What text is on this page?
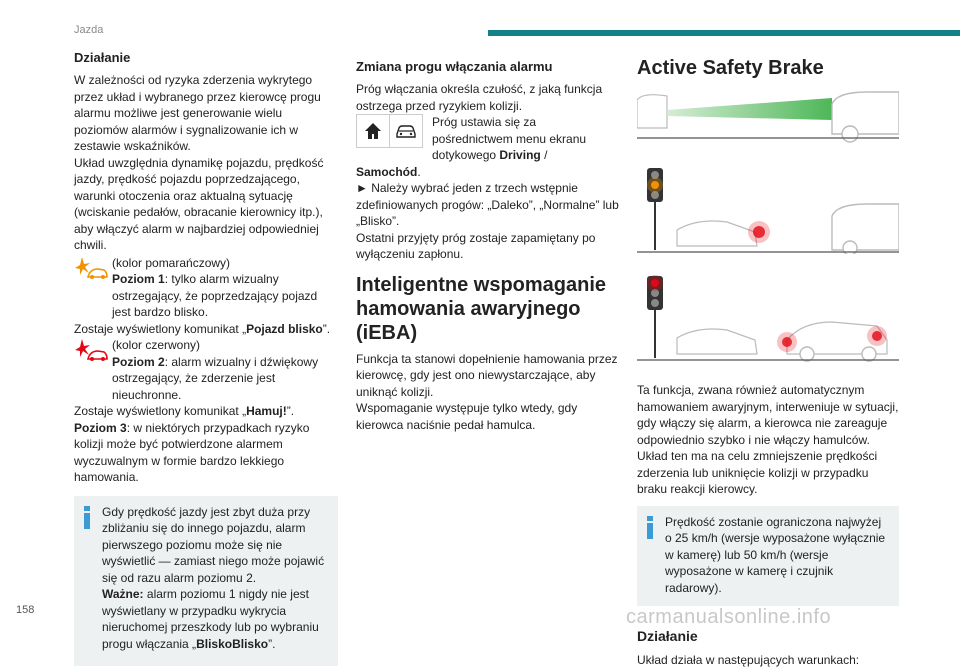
Jazda
Działanie

W zależności od ryzyka zderzenia wykrytego przez układ i wybranego przez kierowcę progu alarmu możliwe jest generowanie wielu poziomów alarmów i sygnalizowanie ich w zestawie wskaźników.

Układ uwzględnia dynamikę pojazdu, prędkość jazdy, prędkość pojazdu poprzedzającego, warunki otoczenia oraz aktualną sytuację (wciskanie pedałów, obracanie kierownicy itp.), aby włączyć alarm w najbardziej odpowiedniej chwili.

(kolor pomarańczowy)
Poziom 1: tylko alarm wizualny ostrzegający, że poprzedzający pojazd jest bardzo blisko.

Zostaje wyświetlony komunikat „Pojazd blisko”.

(kolor czerwony)
Poziom 2: alarm wizualny i dźwiękowy ostrzegający, że zderzenie jest nieuchronne.

Zostaje wyświetlony komunikat „Hamuj!”.

Poziom 3: w niektórych przypadkach ryzyko kolizji może być potwierdzone alarmem wyczuwalnym w formie bardzo lekkiego hamowania.

Gdy prędkość jazdy jest zbyt duża przy zbliżaniu się do innego pojazdu, alarm pierwszego poziomu może się nie wyświetlić — zamiast niego może pojawić się od razu alarm poziomu 2.
Ważne: alarm poziomu 1 nigdy nie jest wyświetlany w przypadku wykrycia nieruchomej przeszkody lub po wybraniu progu włączania „BliskoBlisko”.
Zmiana progu włączania alarmu

Próg włączania określa czułość, z jaką funkcja ostrzega przed ryzykiem kolizji.

Próg ustawia się za pośrednictwem menu ekranu dotykowego Driving /

Samochód.

► Należy wybrać jeden z trzech wstępnie zdefiniowanych progów: „Daleko”, „Normalne” lub „Blisko”.

Ostatni przyjęty próg zostaje zapamiętany po wyłączeniu zapłonu.

Inteligentne wspomaganie hamowania awaryjnego (iEBA)

Funkcja ta stanowi dopełnienie hamowania przez kierowcę, gdy jest ono niewystarczające, aby uniknąć kolizji.

Wspomaganie występuje tylko wtedy, gdy kierowca naciśnie pedał hamulca.

Active Safety Brake

Ta funkcja, zwana również automatycznym hamowaniem awaryjnym, interweniuje w sytuacji, gdy włączy się alarm, a kierowca nie zareaguje odpowiednio szybko i nie włączy hamulców.

Układ ten ma na celu zmniejszenie prędkości zderzenia lub uniknięcie kolizji w przypadku braku reakcji kierowcy.

Prędkość zostanie ograniczona najwyżej o 25 km/h (wersje wyposażone wyłącznie w kamerę) lub 50 km/h (wersje wyposażone w kamerę i czujnik radarowy).
Działanie

Układ działa w następujących warunkach:

158	carmanualsonline.info
